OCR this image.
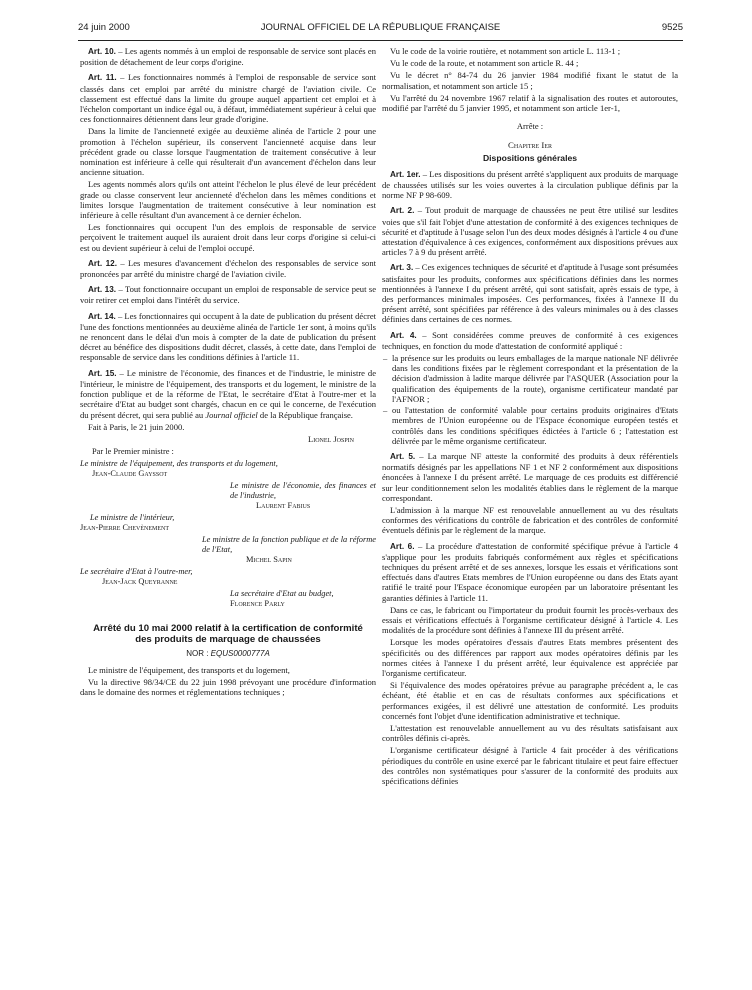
24 juin 2000	JOURNAL OFFICIEL DE LA RÉPUBLIQUE FRANÇAISE	9525

Art. 10. – Les agents nommés à un emploi de responsable de service sont placés en position de détachement de leur corps d'origine.

Art. 11. – Les fonctionnaires nommés à l'emploi de responsable de service sont classés dans cet emploi par arrêté du ministre chargé de l'aviation civile. Ce classement est effectué dans la limite du groupe auquel appartient cet emploi et à l'échelon comportant un indice égal ou, à défaut, immédiatement supérieur à celui que ces fonctionnaires détiennent dans leur grade d'origine.

Dans la limite de l'ancienneté exigée au deuxième alinéa de l'article 2 pour une promotion à l'échelon supérieur, ils conservent l'ancienneté acquise dans leur précédent grade ou classe lorsque l'augmentation de traitement consécutive à leur nomination est inférieure à celle qui résulterait d'un avancement d'échelon dans leur ancienne situation.

Les agents nommés alors qu'ils ont atteint l'échelon le plus élevé de leur précédent grade ou classe conservent leur ancienneté d'échelon dans les mêmes conditions et limites lorsque l'augmentation de traitement consécutive à leur nomination est inférieure à celle résultant d'un avancement à ce dernier échelon.

Les fonctionnaires qui occupent l'un des emplois de responsable de service perçoivent le traitement auquel ils auraient droit dans leur corps d'origine si celui-ci est ou devient supérieur à celui de l'emploi occupé.

Art. 12. – Les mesures d'avancement d'échelon des responsables de service sont prononcées par arrêté du ministre chargé de l'aviation civile.

Art. 13. – Tout fonctionnaire occupant un emploi de responsable de service peut se voir retirer cet emploi dans l'intérêt du service.

Art. 14. – Les fonctionnaires qui occupent à la date de publication du présent décret l'une des fonctions mentionnées au deuxième alinéa de l'article 1er sont, à moins qu'ils ne renoncent dans le délai d'un mois à compter de la date de publication du présent décret au bénéfice des dispositions dudit décret, classés, à cette date, dans l'emploi de responsable de service dans les conditions définies à l'article 11.

Art. 15. – Le ministre de l'économie, des finances et de l'industrie, le ministre de l'intérieur, le ministre de l'équipement, des transports et du logement, le ministre de la fonction publique et de la réforme de l'Etat, le secrétaire d'Etat à l'outre-mer et la secrétaire d'Etat au budget sont chargés, chacun en ce qui le concerne, de l'exécution du présent décret, qui sera publié au Journal officiel de la République française.

Fait à Paris, le 21 juin 2000.

Lionel Jospin
Par le Premier ministre :
Le ministre de l'équipement, des transports et du logement,
Jean-Claude Gayssot
Le ministre de l'économie, des finances et de l'industrie,
Laurent Fabius
Le ministre de l'intérieur,
Jean-Pierre Chevènement
Le ministre de la fonction publique et de la réforme de l'Etat,
Michel Sapin
Le secrétaire d'Etat à l'outre-mer,
Jean-Jack Queyranne
La secrétaire d'Etat au budget,
Florence Parly
Arrêté du 10 mai 2000 relatif à la certification de conformité des produits de marquage de chaussées
NOR : EQUS0000777A

Le ministre de l'équipement, des transports et du logement,

Vu la directive 98/34/CE du 22 juin 1998 prévoyant une procédure d'information dans le domaine des normes et réglementations techniques ;

Vu le code de la voirie routière, et notamment son article L. 113-1 ;

Vu le code de la route, et notamment son article R. 44 ;

Vu le décret n° 84-74 du 26 janvier 1984 modifié fixant le statut de la normalisation, et notamment son article 15 ;

Vu l'arrêté du 24 novembre 1967 relatif à la signalisation des routes et autoroutes, modifié par l'arrêté du 5 janvier 1995, et notamment son article 1er-1,

Arrête :
Chapitre Ier
Dispositions générales

Art. 1er. – Les dispositions du présent arrêté s'appliquent aux produits de marquage de chaussées utilisés sur les voies ouvertes à la circulation publique définis par la norme NF P 98-609.

Art. 2. – Tout produit de marquage de chaussées ne peut être utilisé sur lesdites voies que s'il fait l'objet d'une attestation de conformité à des exigences techniques de sécurité et d'aptitude à l'usage selon l'un des deux modes désignés à l'article 4 ou d'une attestation d'équivalence à ces exigences, conformément aux dispositions prévues aux articles 7 à 9 du présent arrêté.

Art. 3. – Ces exigences techniques de sécurité et d'aptitude à l'usage sont présumées satisfaites pour les produits, conformes aux spécifications définies dans les normes mentionnées à l'annexe I du présent arrêté, qui sont satisfait, après essais de type, à des performances minimales imposées. Ces performances, fixées à l'annexe II du présent arrêté, sont spécifiées par référence à des valeurs minimales ou à des classes définies dans certaines de ces normes.

Art. 4. – Sont considérées comme preuves de conformité à ces exigences techniques, en fonction du mode d'attestation de conformité appliqué :

– la présence sur les produits ou leurs emballages de la marque nationale NF délivrée dans les conditions fixées par le règlement correspondant et la présentation de la décision d'admission à ladite marque délivrée par l'ASQUER (Association pour la qualification des équipements de la route), organisme certificateur mandaté par l'AFNOR ;
– ou l'attestation de conformité valable pour certains produits originaires d'Etats membres de l'Union européenne ou de l'Espace économique européen testés et contrôlés dans les conditions spécifiques édictées à l'article 6 ; l'attestation est délivrée par le même organisme certificateur.

Art. 5. – La marque NF atteste la conformité des produits à deux référentiels normatifs désignés par les appellations NF 1 et NF 2 conformément aux dispositions énoncées à l'annexe I du présent arrêté. Le marquage de ces produits est différencié sur leur conditionnement selon les modalités établies dans le règlement de la marque correspondant.

L'admission à la marque NF est renouvelable annuellement au vu des résultats conformes des vérifications du contrôle de fabrication et des contrôles de conformité éventuels définis par le règlement de la marque.

Art. 6. – La procédure d'attestation de conformité spécifique prévue à l'article 4 s'applique pour les produits fabriqués conformément aux règles et spécifications techniques du présent arrêté et de ses annexes, lorsque les essais et vérifications sont effectués dans d'autres Etats membres de l'Union européenne ou dans des Etats ayant ratifié le traité pour l'Espace économique européen par un laboratoire présentant les garanties définies à l'article 11.

Dans ce cas, le fabricant ou l'importateur du produit fournit les procès-verbaux des essais et vérifications effectués à l'organisme certificateur désigné à l'article 4. Les modalités de la procédure sont définies à l'annexe III du présent arrêté.

Lorsque les modes opératoires d'essais d'autres Etats membres présentent des spécificités ou des différences par rapport aux modes opératoires définis par les normes citées à l'annexe I du présent arrêté, leur équivalence est appréciée par l'organisme certificateur.

Si l'équivalence des modes opératoires prévue au paragraphe précédent a, le cas échéant, été établie et en cas de résultats conformes aux spécifications et performances exigées, il est délivré une attestation de conformité. Les produits concernés font l'objet d'une identification administrative et technique.

L'attestation est renouvelable annuellement au vu des résultats satisfaisant aux contrôles définis ci-après.

L'organisme certificateur désigné à l'article 4 fait procéder à des vérifications périodiques du contrôle en usine exercé par le fabricant titulaire et peut faire effectuer des contrôles non systématiques pour s'assurer de la conformité des produits aux spécifications définies
